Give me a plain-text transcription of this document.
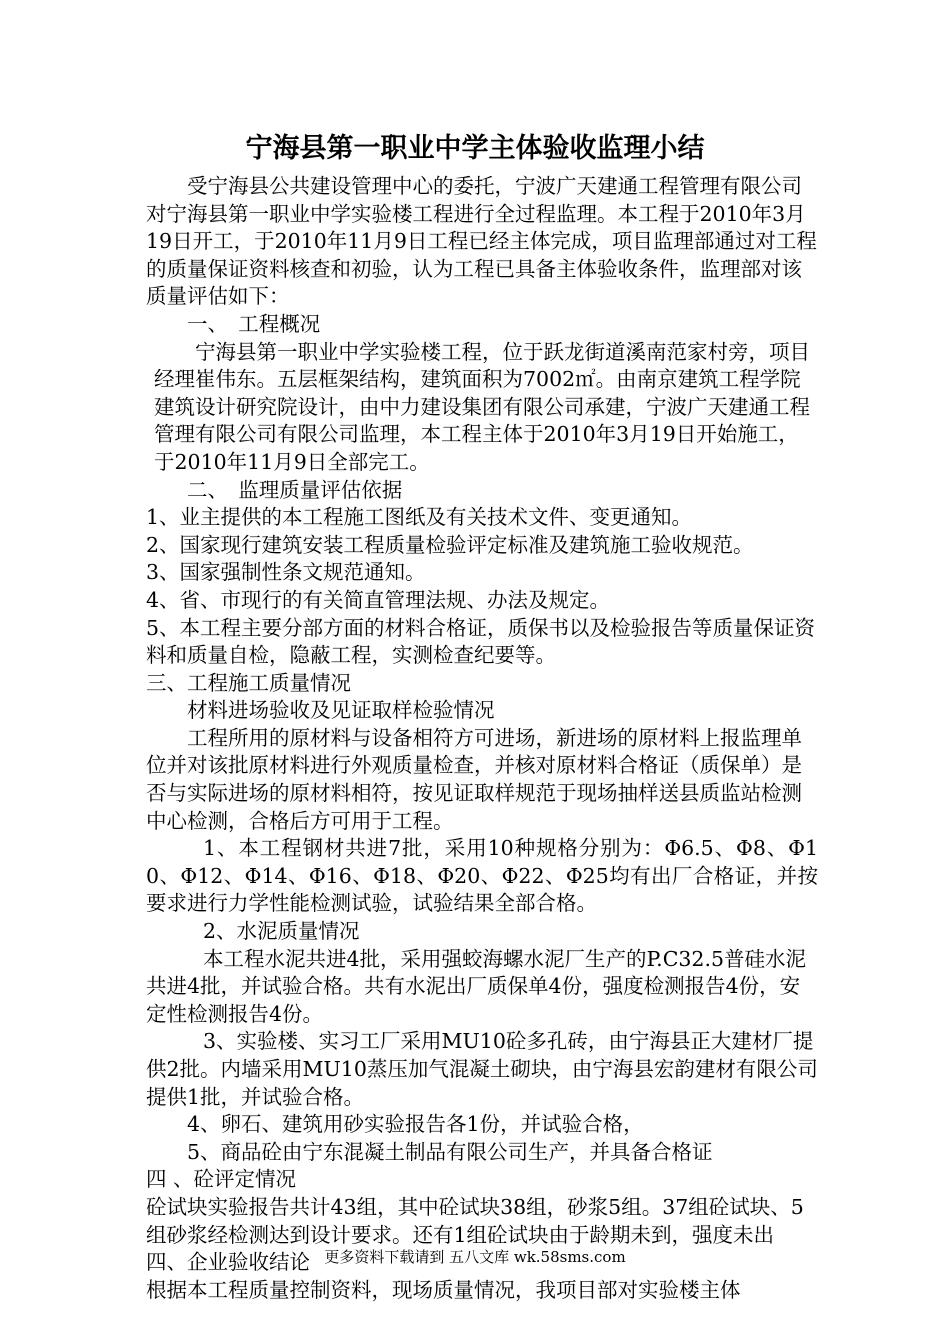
宁海县第一职业中学主体验收监理小结

受宁海县公共建设管理中心的委托，宁波广天建通工程管理有限公司对宁海县第一职业中学实验楼工程进行全过程监理。本工程于2010年3月19日开工，于2010年11月9日工程已经主体完成，项目监理部通过对工程的质量保证资料核查和初验，认为工程已具备主体验收条件，监理部对该质量评估如下：

一、　工程概况

宁海县第一职业中学实验楼工程，位于跃龙街道溪南范家村旁，项目经理崔伟东。五层框架结构，建筑面积为7002㎡。由南京建筑工程学院建筑设计研究院设计，由中力建设集团有限公司承建，宁波广天建通工程管理有限公司有限公司监理，本工程主体于2010年3月19日开始施工，于2010年11月9日全部完工。

二、　监理质量评估依据

1、业主提供的本工程施工图纸及有关技术文件、变更通知。

2、国家现行建筑安装工程质量检验评定标准及建筑施工验收规范。

3、国家强制性条文规范通知。

4、省、市现行的有关简直管理法规、办法及规定。

5、本工程主要分部方面的材料合格证，质保书以及检验报告等质量保证资料和质量自检，隐蔽工程，实测检查纪要等。

三、工程施工质量情况

材料进场验收及见证取样检验情况

工程所用的原材料与设备相符方可进场，新进场的原材料上报监理单位并对该批原材料进行外观质量检查，并核对原材料合格证（质保单）是否与实际进场的原材料相符，按见证取样规范于现场抽样送县质监站检测中心检测，合格后方可用于工程。

1、本工程钢材共进7批，采用10种规格分别为：Φ6.5、Φ8、Φ10、Φ12、Φ14、Φ16、Φ18、Φ20、Φ22、Φ25均有出厂合格证，并按要求进行力学性能检测试验，试验结果全部合格。

2、水泥质量情况

本工程水泥共进4批，采用强蛟海螺水泥厂生产的P.C32.5普硅水泥共进4批，并试验合格。共有水泥出厂质保单4份，强度检测报告4份，安定性检测报告4份。

3、实验楼、实习工厂采用MU10砼多孔砖，由宁海县正大建材厂提供2批。内墙采用MU10蒸压加气混凝土砌块，由宁海县宏韵建材有限公司提供1批，并试验合格。

4、卵石、建筑用砂实验报告各1份，并试验合格，

5、商品砼由宁东混凝土制品有限公司生产，并具备合格证

四 、砼评定情况

砼试块实验报告共计43组，其中砼试块38组，砂浆5组。37组砼试块、5组砂浆经检测达到设计要求。还有1组砼试块由于龄期未到，强度未出

四、企业验收结论

根据本工程质量控制资料，现场质量情况，我项目部对实验楼主体

更多资料下载请到 五八文库 wk.58sms.com
